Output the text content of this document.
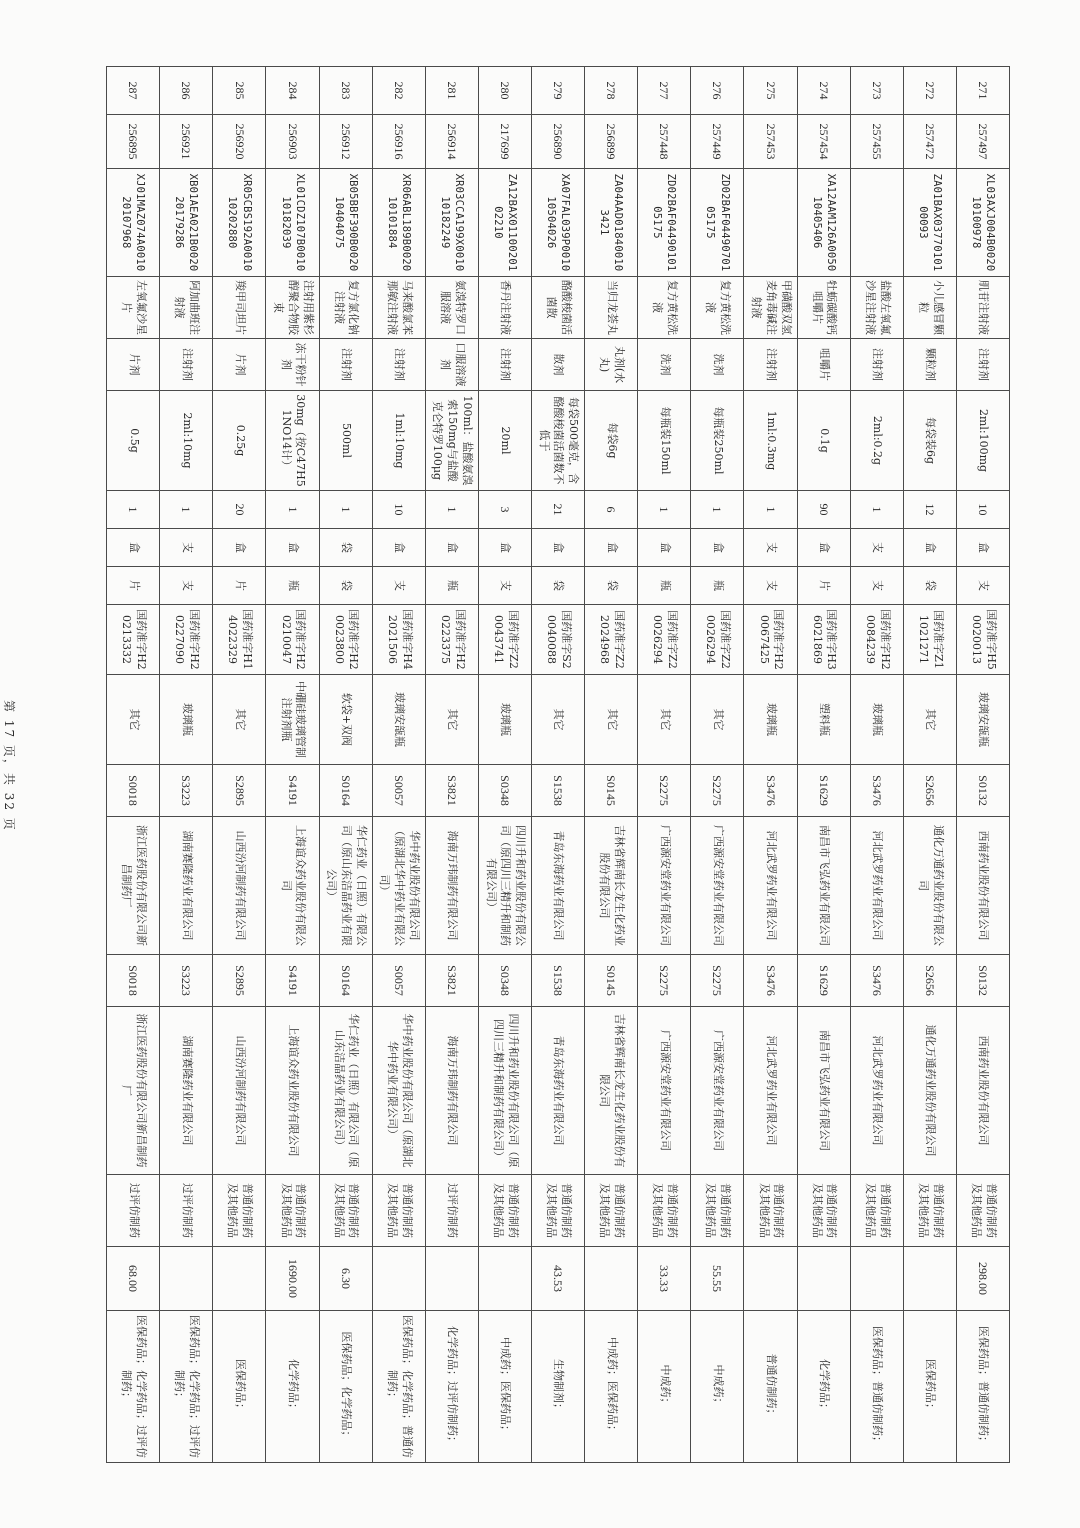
271	257497	XL03AXJ004B002010100978	肌苷注射液	注射剂	2ml:100mg	10	盒	支	国药准字H50020013	玻璃安瓿瓶	S0132	西南药业股份有限公司	S0132	西南药业股份有限公司	普通仿制药及其他药品	298.00	医保药品；普通仿制药；
272	257472	ZA01BAX0377010100093	小儿感冒颗粒	颗粒剂	每袋装6g	12	盒	袋	国药准字Z11021271	其它	S2656	通化万通药业股份有限公司	S2656	通化万通药业股份有限公司	普通仿制药及其他药品		医保药品；
273	257455		盐酸左氧氟沙星注射液	注射剂	2ml:0.2g	1	支	支	国药准字H20084239	玻璃瓶	S3476	河北武罗药业有限公司	S3476	河北武罗药业有限公司	普通仿制药及其他药品		医保药品；普通仿制药；
274	257454	XA12AAM126A005010405406	牡蛎碳酸钙咀嚼片	咀嚼片	0.1g	90	盒	片	国药准字H36021869	塑料瓶	S1629	南昌市飞弘药业有限公司	S1629	南昌市飞弘药业有限公司	普通仿制药及其他药品		化学药品；
275	257453		甲磺酸双氢麦角毒碱注射液	注射剂	1ml:0.3mg	1	支	支	国药准字H20067425	玻璃瓶	S3476	河北武罗药业有限公司	S3476	河北武罗药业有限公司	普通仿制药及其他药品		普通仿制药；
276	257449	ZD02BAF0449070105175	复方黄松洗液	洗剂	每瓶装250ml	1	盒	瓶	国药准字Z20026294	其它	S2275	广西源安堂药业有限公司	S2275	广西源安堂药业有限公司	普通仿制药及其他药品	55.55	中成药；
277	257448	ZD02BAF0449010105175	复方黄松洗液	洗剂	每瓶装150ml	1	盒	瓶	国药准字Z20026294	其它	S2275	广西源安堂药业有限公司	S2275	广西源安堂药业有限公司	普通仿制药及其他药品	33.33	中成药；
278	256899	ZA04AAD018400103421	当归龙荟丸	丸剂(水丸)	每袋6g	6	盒	袋	国药准字Z22024968	其它	S0145	吉林省辉南长龙生化药业股份有限公司	S0145	吉林省辉南长龙生化药业股份有限公司	普通仿制药及其他药品		中成药；医保药品；
279	256890	XA07FAL039P001010504026	酪酸梭菌活菌散	散剂	每袋500毫克，含酪酸梭菌活菌数不低于	21	盒	袋	国药准字S20040088	其它	S1538	青岛东海药业有限公司	S1538	青岛东海药业有限公司	普通仿制药及其他药品	43.53	生物制剂；
280	217699	ZA12BAX0110020102210	香丹注射液	注射剂	20ml	3	盒	支	国药准字Z20043741	玻璃瓶	S0348	四川升和药业股份有限公司（原四川三精升和制药有限公司）	S0348	四川升和药业股份有限公司（原四川三精升和制药有限公司）	普通仿制药及其他药品		中成药；医保药品；
281	256914	XR03CCA199X001010182249	氨溴特罗口服溶液	口服溶液剂	100ml：盐酸氨溴索150mg与盐酸克仑特罗100μg	1	盒	瓶	国药准字H20223375	其它	S3821	海南万玮制药有限公司	S3821	海南万玮制药有限公司	过评仿制药		化学药品；过评仿制药；
282	256916	XR06ABL189B002010101884	马来酸氯苯那敏注射液	注射剂	1ml:10mg	10	盒	支	国药准字H42021506	玻璃安瓿瓶	S0057	华中药业股份有限公司（原湖北华中药业有限公司）	S0057	华中药业股份有限公司（原湖北华中药业有限公司）	普通仿制药及其他药品		医保药品；化学药品；普通仿制药；
283	256912	XB05BBF390B002010404075	复方氯化钠注射液	注射剂	500ml	1	袋	袋	国药准字H20023800	软袋+双阀	S0164	华仁药业（日照）有限公司（原山东洁晶药业有限公司）	S0164	华仁药业（日照）有限公司（原山东洁晶药业有限公司）	普通仿制药及其他药品	6.30	医保药品；化学药品；
284	256903	XL01CDZ107B001010182039	注射用紫杉醇聚合物胶束	冻干粉针剂	30mg（按C47H51NO14计）	1	盒	瓶	国药准字H20210047	中硼硅玻璃管制注射剂瓶	S4191	上海谊众药业股份有限公司	S4191	上海谊众药业股份有限公司	普通仿制药及其他药品	1690.00	化学药品；
285	256920	XR05CBS192A001010202880	羧甲司坦片	片剂	0.25g	20	盒	片	国药准字H14022329	其它	S2895	山西汾河制药有限公司	S2895	山西汾河制药有限公司	普通仿制药及其他药品		医保药品；
286	256921	XB01AEA021B002020179286	阿加曲班注射液	注射剂	2ml:10mg	1	支	支	国药准字H20227090	玻璃瓶	S3223	湖南赛隆药业有限公司	S3223	湖南赛隆药业有限公司	过评仿制药		医保药品；化学药品；过评仿制药；
287	256895	XJ01MAZ074A001020107968	左氧氟沙星片	片剂	0.5g	1	盒	片	国药准字H20213332	其它	S0018	浙江医药股份有限公司新昌制药厂	S0018	浙江医药股份有限公司新昌制药厂	过评仿制药	68.00	医保药品；化学药品；过评仿制药；
第 17 页，共 32 页
